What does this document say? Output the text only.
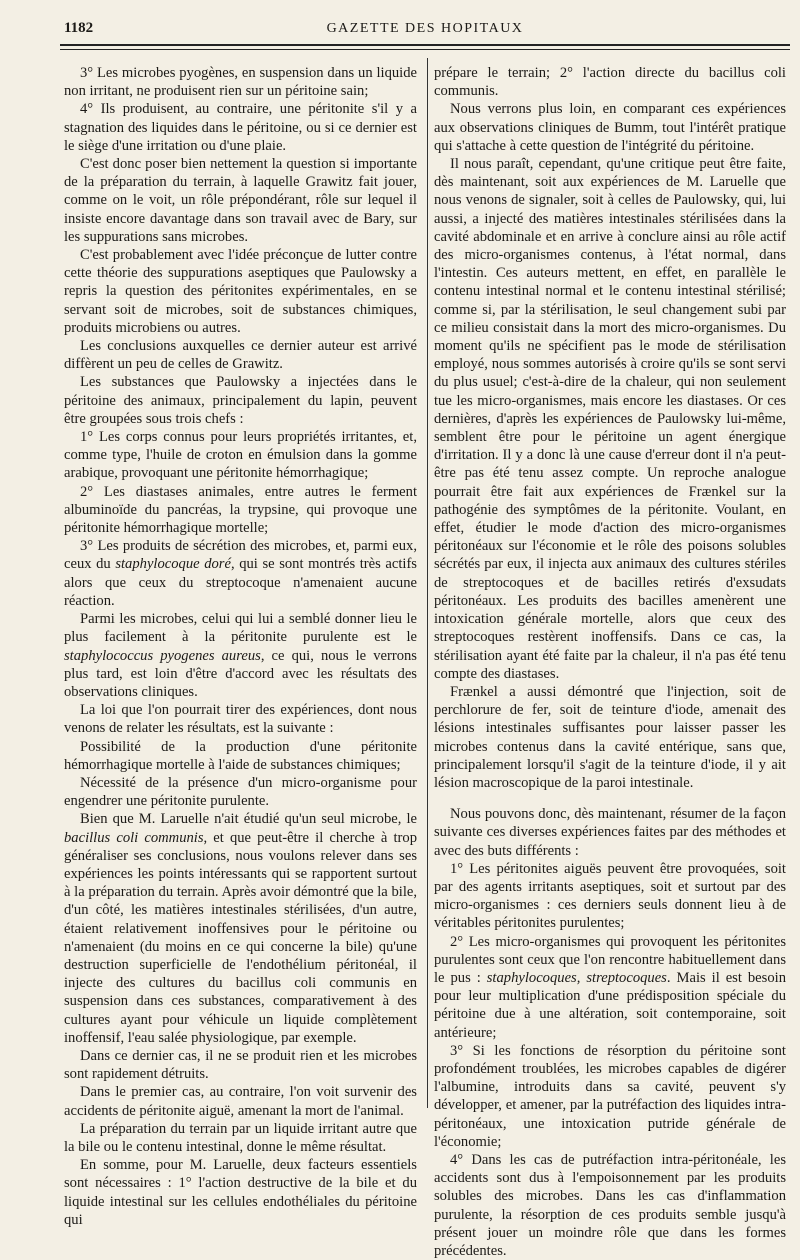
1182	GAZETTE DES HOPITAUX

3° Les microbes pyogènes, en suspension dans un liquide non irritant, ne produisent rien sur un péritoine sain;

4° Ils produisent, au contraire, une péritonite s'il y a stagnation des liquides dans le péritoine, ou si ce dernier est le siège d'une irritation ou d'une plaie.

C'est donc poser bien nettement la question si importante de la préparation du terrain, à laquelle Grawitz fait jouer, comme on le voit, un rôle prépondérant, rôle sur lequel il insiste encore davantage dans son travail avec de Bary, sur les suppurations sans microbes.

C'est probablement avec l'idée préconçue de lutter contre cette théorie des suppurations aseptiques que Paulowsky a repris la question des péritonites expérimentales, en se servant soit de microbes, soit de substances chimiques, produits microbiens ou autres.

Les conclusions auxquelles ce dernier auteur est arrivé diffèrent un peu de celles de Grawitz.

Les substances que Paulowsky a injectées dans le péritoine des animaux, principalement du lapin, peuvent être groupées sous trois chefs :

1° Les corps connus pour leurs propriétés irritantes, et, comme type, l'huile de croton en émulsion dans la gomme arabique, provoquant une péritonite hémorrhagique;

2° Les diastases animales, entre autres le ferment albuminoïde du pancréas, la trypsine, qui provoque une péritonite hémorrhagique mortelle;

3° Les produits de sécrétion des microbes, et, parmi eux, ceux du staphylocoque doré, qui se sont montrés très actifs alors que ceux du streptocoque n'amenaient aucune réaction.

Parmi les microbes, celui qui lui a semblé donner lieu le plus facilement à la péritonite purulente est le staphylococcus pyogenes aureus, ce qui, nous le verrons plus tard, est loin d'être d'accord avec les résultats des observations cliniques.

La loi que l'on pourrait tirer des expériences, dont nous venons de relater les résultats, est la suivante :

Possibilité de la production d'une péritonite hémorrhagique mortelle à l'aide de substances chimiques;

Nécessité de la présence d'un micro-organisme pour engendrer une péritonite purulente.

Bien que M. Laruelle n'ait étudié qu'un seul microbe, le bacillus coli communis, et que peut-être il cherche à trop généraliser ses conclusions, nous voulons relever dans ses expériences les points intéressants qui se rapportent surtout à la préparation du terrain. Après avoir démontré que la bile, d'un côté, les matières intestinales stérilisées, d'un autre, étaient relativement inoffensives pour le péritoine ou n'amenaient (du moins en ce qui concerne la bile) qu'une destruction superficielle de l'endothélium péritonéal, il injecte des cultures du bacillus coli communis en suspension dans ces substances, comparativement à des cultures ayant pour véhicule un liquide complètement inoffensif, l'eau salée physiologique, par exemple.

Dans ce dernier cas, il ne se produit rien et les microbes sont rapidement détruits.

Dans le premier cas, au contraire, l'on voit survenir des accidents de péritonite aiguë, amenant la mort de l'animal.

La préparation du terrain par un liquide irritant autre que la bile ou le contenu intestinal, donne le même résultat.

En somme, pour M. Laruelle, deux facteurs essentiels sont nécessaires : 1° l'action destructive de la bile et du liquide intestinal sur les cellules endothéliales du péritoine qui

prépare le terrain; 2° l'action directe du bacillus coli communis.

Nous verrons plus loin, en comparant ces expériences aux observations cliniques de Bumm, tout l'intérêt pratique qui s'attache à cette question de l'intégrité du péritoine.

Il nous paraît, cependant, qu'une critique peut être faite, dès maintenant, soit aux expériences de M. Laruelle que nous venons de signaler, soit à celles de Paulowsky, qui, lui aussi, a injecté des matières intestinales stérilisées dans la cavité abdominale et en arrive à conclure ainsi au rôle actif des micro-organismes contenus, à l'état normal, dans l'intestin. Ces auteurs mettent, en effet, en parallèle le contenu intestinal normal et le contenu intestinal stérilisé; comme si, par la stérilisation, le seul changement subi par ce milieu consistait dans la mort des micro-organismes. Du moment qu'ils ne spécifient pas le mode de stérilisation employé, nous sommes autorisés à croire qu'ils se sont servi du plus usuel; c'est-à-dire de la chaleur, qui non seulement tue les micro-organismes, mais encore les diastases. Or ces dernières, d'après les expériences de Paulowsky lui-même, semblent être pour le péritoine un agent énergique d'irritation. Il y a donc là une cause d'erreur dont il n'a peut-être pas été tenu assez compte. Un reproche analogue pourrait être fait aux expériences de Frænkel sur la pathogénie des symptômes de la péritonite. Voulant, en effet, étudier le mode d'action des micro-organismes péritonéaux sur l'économie et le rôle des poisons solubles sécrétés par eux, il injecta aux animaux des cultures stériles de streptocoques et de bacilles retirés d'exsudats péritonéaux. Les produits des bacilles amenèrent une intoxication générale mortelle, alors que ceux des streptocoques restèrent inoffensifs. Dans ce cas, la stérilisation ayant été faite par la chaleur, il n'a pas été tenu compte des diastases.

Frænkel a aussi démontré que l'injection, soit de perchlorure de fer, soit de teinture d'iode, amenait des lésions intestinales suffisantes pour laisser passer les microbes contenus dans la cavité entérique, sans que, principalement lorsqu'il s'agit de la teinture d'iode, il y ait lésion macroscopique de la paroi intestinale.

Nous pouvons donc, dès maintenant, résumer de la façon suivante ces diverses expériences faites par des méthodes et avec des buts différents :

1° Les péritonites aiguës peuvent être provoquées, soit par des agents irritants aseptiques, soit et surtout par des micro-organismes : ces derniers seuls donnent lieu à de véritables péritonites purulentes;

2° Les micro-organismes qui provoquent les péritonites purulentes sont ceux que l'on rencontre habituellement dans le pus : staphylocoques, streptocoques. Mais il est besoin pour leur multiplication d'une prédisposition spéciale du péritoine due à une altération, soit contemporaine, soit antérieure;

3° Si les fonctions de résorption du péritoine sont profondément troublées, les microbes capables de digérer l'albumine, introduits dans sa cavité, peuvent s'y développer, et amener, par la putréfaction des liquides intra-péritonéaux, une intoxication putride générale de l'économie;

4° Dans les cas de putréfaction intra-péritonéale, les accidents sont dus à l'empoisonnement par les produits solubles des microbes. Dans les cas d'inflammation purulente, la résorption de ces produits semble jusqu'à présent jouer un moindre rôle que dans les formes précédentes.
